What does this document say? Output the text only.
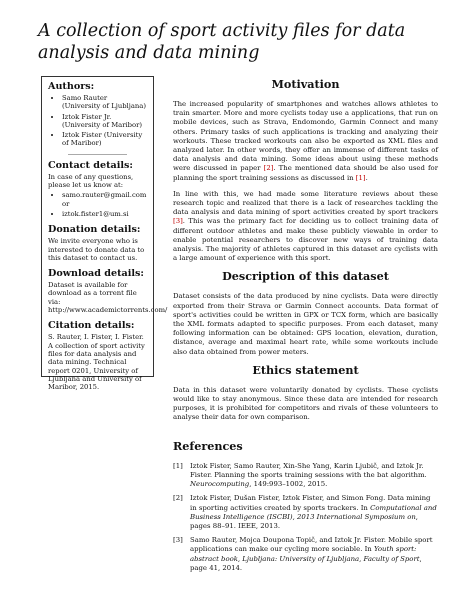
A collection of sport activity files for data analysis and data mining
Authors:
• Samo Rauter (University of Ljubljana)
• Iztok Fister Jr. (University of Maribor)
• Iztok Fister (University of Maribor)
Contact details:

In case of any questions, please let us know at:

• samo.rauter@gmail.com or
• iztok.fister1@um.si
Donation details:

We invite everyone who is interested to donate data to this dataset to contact us.

Download details:

Dataset is available for download as a torrent file via: http://www.academictorrents.com/

Citation details:

S. Rauter, I. Fister, I. Fister. A collection of sport activity files for data analysis and data mining. Technical report 0201, University of Ljubljana and University of Maribor, 2015.

Motivation

The increased popularity of smartphones and watches allows athletes to train smarter. More and more cyclists today use a applications, that run on mobile devices, such as Strava, Endomondo, Garmin Connect and many others. Primary tasks of such applications is tracking and analyzing their workouts. These tracked workouts can also be exported as XML files and analyzed later. In other words, they offer an immense of different tasks of data analysis and data mining. Some ideas about using these methods were discussed in paper [2]. The mentioned data should be also used for planning the sport training sessions as discussed in [1].

In line with this, we had made some literature reviews about these research topic and realized that there is a lack of researches tackling the data analysis and data mining of sport activities created by sport trackers [3]. This was the primary fact for deciding us to collect training data of different outdoor athletes and make these publicly viewable in order to enable potential researchers to discover new ways of training data analysis. The majority of athletes captured in this dataset are cyclists with a large amount of experience with this sport.

Description of this dataset

Dataset consists of the data produced by nine cyclists. Data were directly exported from their Strava or Garmin Connect accounts. Data format of sport's activities could be written in GPX or TCX form, which are basically the XML formats adapted to specific purposes. From each dataset, many following information can be obtained: GPS location, elevation, duration, distance, average and maximal heart rate, while some workouts include also data obtained from power meters.

Ethics statement

Data in this dataset were voluntarily donated by cyclists. These cyclists would like to stay anonymous. Since these data are intended for research purposes, it is prohibited for competitors and rivals of these volunteers to analyse their data for own comparison.

References
[1]	Iztok Fister, Samo Rauter, Xin-She Yang, Karin Ljubič, and Iztok Jr. Fister. Planning the sports training sessions with the bat algorithm. Neurocomputing, 149:993–1002, 2015.
[2]	Iztok Fister, Dušan Fister, Iztok Fister, and Simon Fong. Data mining in sporting activities created by sports trackers. In Computational and Business Intelligence (ISCBI), 2013 International Symposium on, pages 88–91. IEEE, 2013.
[3]	Samo Rauter, Mojca Doupona Topič, and Iztok Jr. Fister. Mobile sport applications can make our cycling more sociable. In Youth sport: abstract book, Ljubljana: University of Ljubljana, Faculty of Sport, page 41, 2014.
